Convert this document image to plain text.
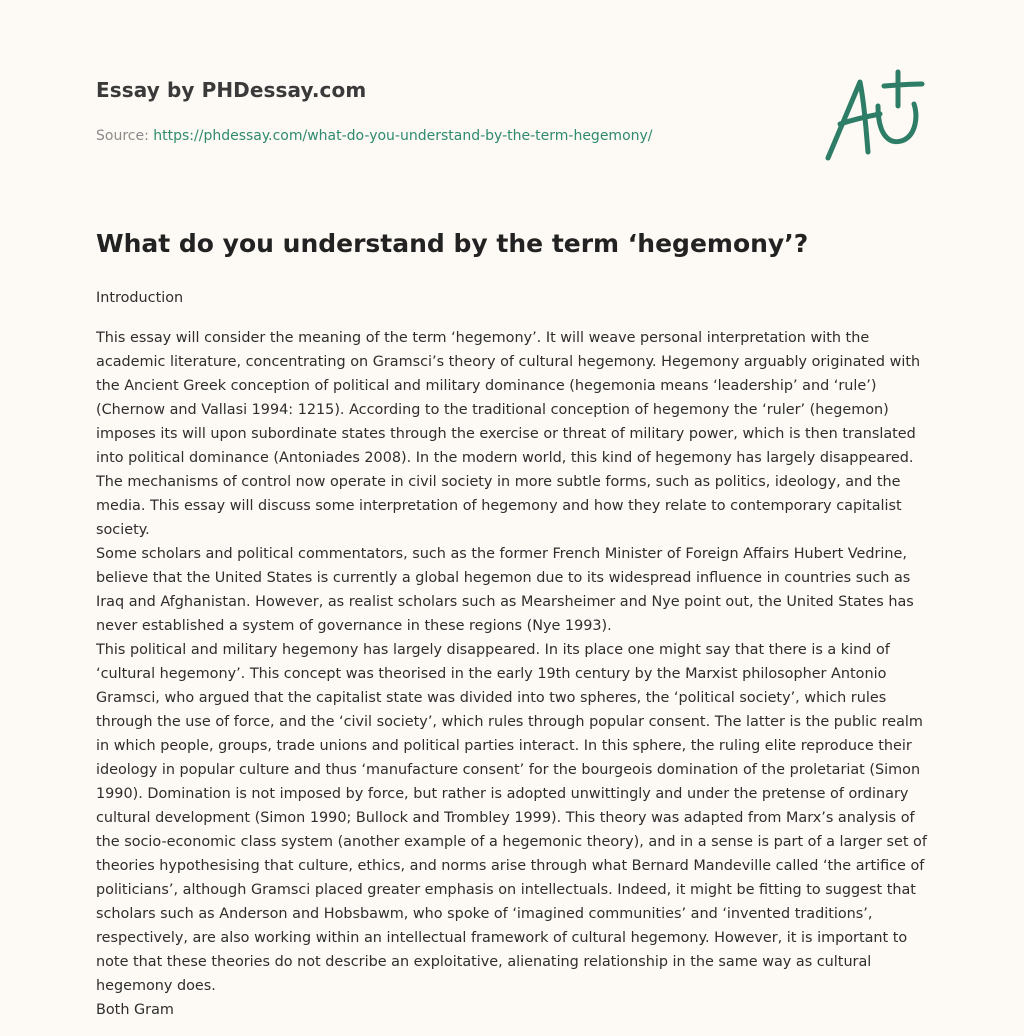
Essay by PHDessay.com
Source: https://phdessay.com/what-do-you-understand-by-the-term-hegemony/
What do you understand by the term ‘hegemony’?

Introduction

This essay will consider the meaning of the term ‘hegemony’. It will weave personal interpretation with the academic literature, concentrating on Gramsci’s theory of cultural hegemony. Hegemony arguably originated with the Ancient Greek conception of political and military dominance (hegemonia means ‘leadership’ and ‘rule’) (Chernow and Vallasi 1994: 1215). According to the traditional conception of hegemony the ‘ruler’ (hegemon) imposes its will upon subordinate states through the exercise or threat of military power, which is then translated into political dominance (Antoniades 2008). In the modern world, this kind of hegemony has largely disappeared. The mechanisms of control now operate in civil society in more subtle forms, such as politics, ideology, and the media. This essay will discuss some interpretation of hegemony and how they relate to contemporary capitalist society.

Some scholars and political commentators, such as the former French Minister of Foreign Affairs Hubert Vedrine, believe that the United States is currently a global hegemon due to its widespread influence in countries such as Iraq and Afghanistan. However, as realist scholars such as Mearsheimer and Nye point out, the United States has never established a system of governance in these regions (Nye 1993).

This political and military hegemony has largely disappeared. In its place one might say that there is a kind of ‘cultural hegemony’. This concept was theorised in the early 19th century by the Marxist philosopher Antonio Gramsci, who argued that the capitalist state was divided into two spheres, the ‘political society’, which rules through the use of force, and the ‘civil society’, which rules through popular consent. The latter is the public realm in which people, groups, trade unions and political parties interact. In this sphere, the ruling elite reproduce their ideology in popular culture and thus ‘manufacture consent’ for the bourgeois domination of the proletariat (Simon 1990). Domination is not imposed by force, but rather is adopted unwittingly and under the pretense of ordinary cultural development (Simon 1990; Bullock and Trombley 1999). This theory was adapted from Marx’s analysis of the socio-economic class system (another example of a hegemonic theory), and in a sense is part of a larger set of theories hypothesising that culture, ethics, and norms arise through what Bernard Mandeville called ‘the artifice of politicians’, although Gramsci placed greater emphasis on intellectuals. Indeed, it might be fitting to suggest that scholars such as Anderson and Hobsbawm, who spoke of ‘imagined communities’ and ‘invented traditions’, respectively, are also working within an intellectual framework of cultural hegemony. However, it is important to note that these theories do not describe an exploitative, alienating relationship in the same way as cultural hegemony does.

Both Gram
